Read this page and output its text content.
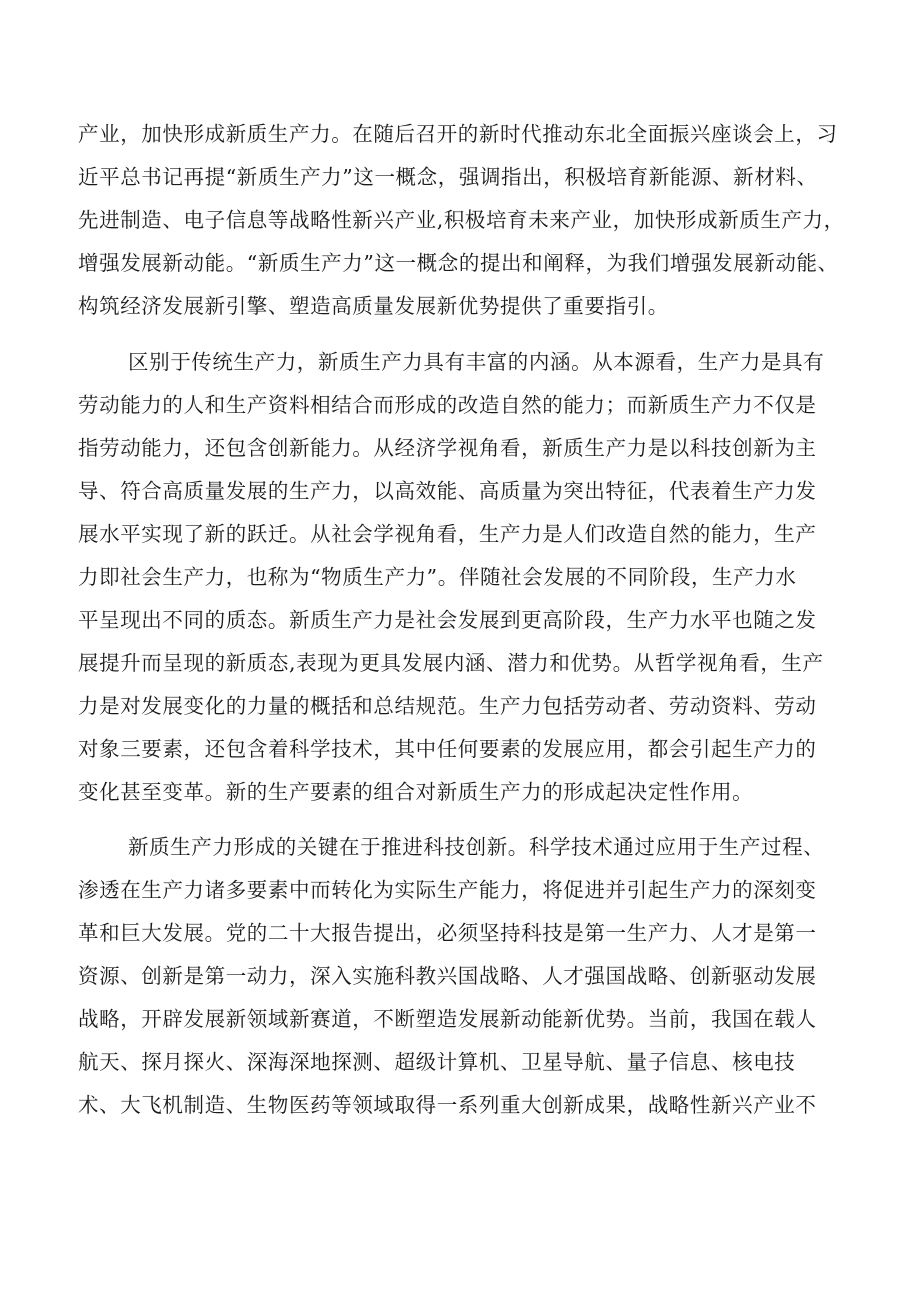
产业，加快形成新质生产力。在随后召开的新时代推动东北全面振兴座谈会上，习
近平总书记再提“新质生产力”这一概念，强调指出，积极培育新能源、新材料、
先进制造、电子信息等战略性新兴产业,积极培育未来产业，加快形成新质生产力，
增强发展新动能。“新质生产力”这一概念的提出和阐释，为我们增强发展新动能、
构筑经济发展新引擎、塑造高质量发展新优势提供了重要指引。
区别于传统生产力，新质生产力具有丰富的内涵。从本源看，生产力是具有
劳动能力的人和生产资料相结合而形成的改造自然的能力；而新质生产力不仅是
指劳动能力，还包含创新能力。从经济学视角看，新质生产力是以科技创新为主
导、符合高质量发展的生产力，以高效能、高质量为突出特征，代表着生产力发
展水平实现了新的跃迁。从社会学视角看，生产力是人们改造自然的能力，生产
力即社会生产力，也称为“物质生产力”。伴随社会发展的不同阶段，生产力水
平呈现出不同的质态。新质生产力是社会发展到更高阶段，生产力水平也随之发
展提升而呈现的新质态,表现为更具发展内涵、潜力和优势。从哲学视角看，生产
力是对发展变化的力量的概括和总结规范。生产力包括劳动者、劳动资料、劳动
对象三要素，还包含着科学技术，其中任何要素的发展应用，都会引起生产力的
变化甚至变革。新的生产要素的组合对新质生产力的形成起决定性作用。
新质生产力形成的关键在于推进科技创新。科学技术通过应用于生产过程、
渗透在生产力诸多要素中而转化为实际生产能力，将促进并引起生产力的深刻变
革和巨大发展。党的二十大报告提出，必须坚持科技是第一生产力、人才是第一
资源、创新是第一动力，深入实施科教兴国战略、人才强国战略、创新驱动发展
战略，开辟发展新领域新赛道，不断塑造发展新动能新优势。当前，我国在载人
航天、探月探火、深海深地探测、超级计算机、卫星导航、量子信息、核电技
术、大飞机制造、生物医药等领域取得一系列重大创新成果，战略性新兴产业不
